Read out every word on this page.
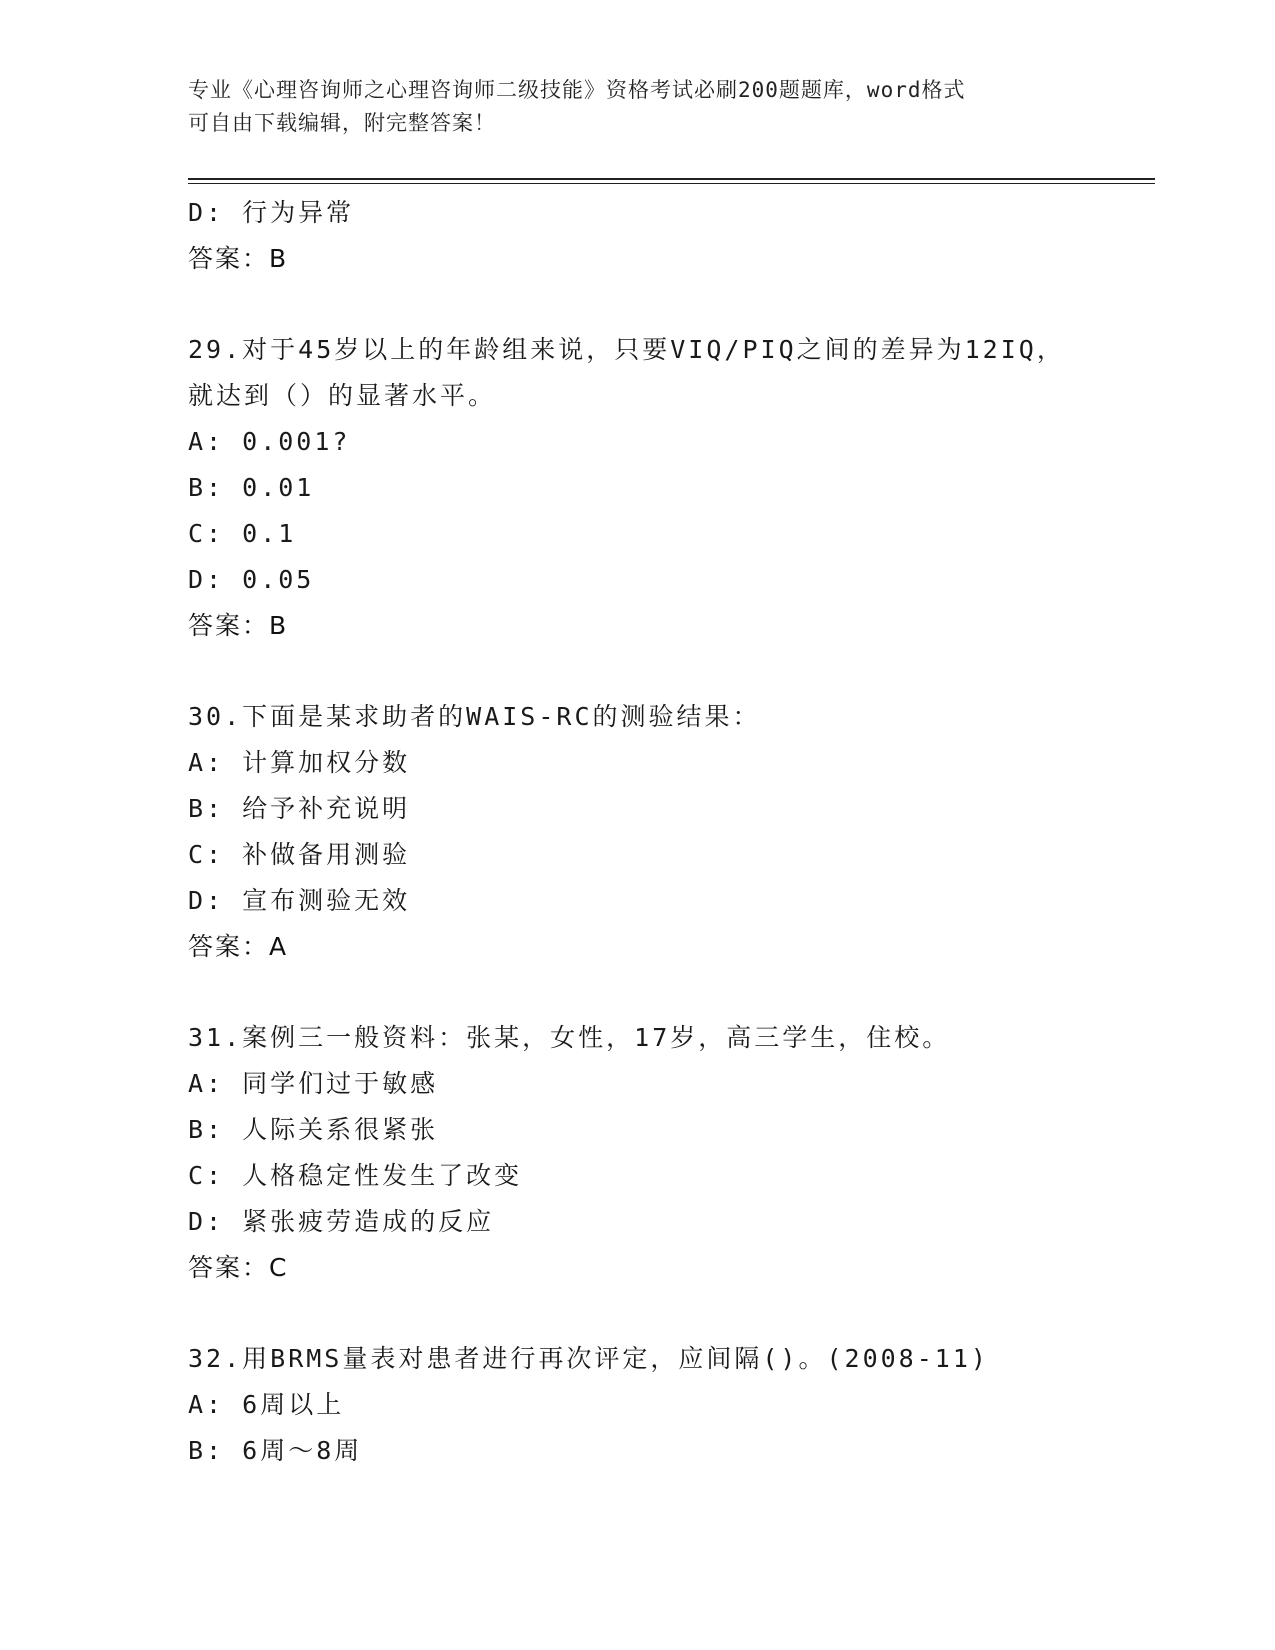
专业《心理咨询师之心理咨询师二级技能》资格考试必刷200题题库，word格式
可自由下载编辑，附完整答案！
D: 行为异常
答案：B
29.对于45岁以上的年龄组来说，只要VIQ/PIQ之间的差异为12IQ，
就达到（）的显著水平。
A: 0.001?
B: 0.01
C: 0.1
D: 0.05
答案：B
30.下面是某求助者的WAIS-RC的测验结果：
A: 计算加权分数
B: 给予补充说明
C: 补做备用测验
D: 宣布测验无效
答案：A
31.案例三一般资料：张某，女性，17岁，高三学生，住校。
A: 同学们过于敏感
B: 人际关系很紧张
C: 人格稳定性发生了改变
D: 紧张疲劳造成的反应
答案：C
32.用BRMS量表对患者进行再次评定，应间隔()。(2008-11)
A: 6周以上
B: 6周～8周
